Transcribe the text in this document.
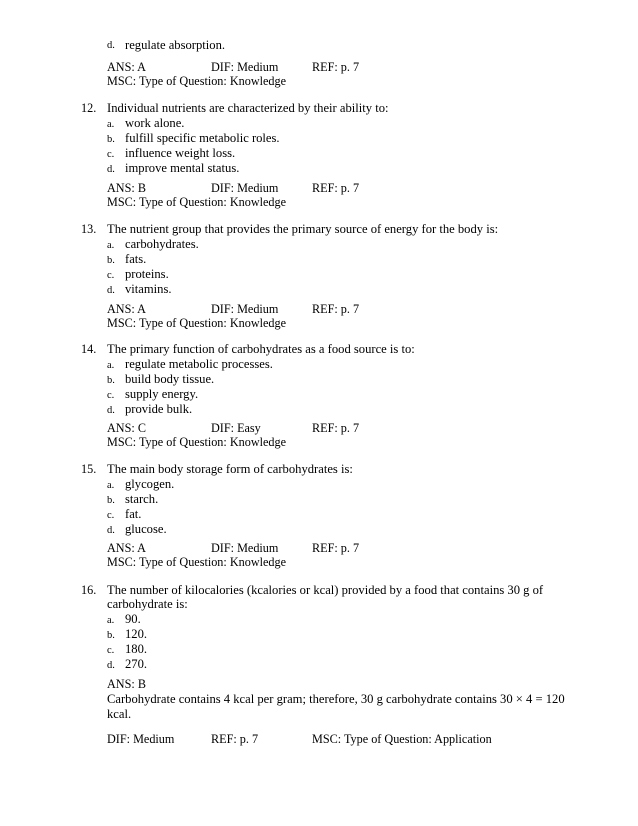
d. regulate absorption.
ANS: A	DIF: Medium	REF: p. 7
MSC: Type of Question: Knowledge
12. Individual nutrients are characterized by their ability to:
a. work alone.
b. fulfill specific metabolic roles.
c. influence weight loss.
d. improve mental status.
ANS: B	DIF: Medium	REF: p. 7
MSC: Type of Question: Knowledge
13. The nutrient group that provides the primary source of energy for the body is:
a. carbohydrates.
b. fats.
c. proteins.
d. vitamins.
ANS: A	DIF: Medium	REF: p. 7
MSC: Type of Question: Knowledge
14. The primary function of carbohydrates as a food source is to:
a. regulate metabolic processes.
b. build body tissue.
c. supply energy.
d. provide bulk.
ANS: C	DIF: Easy	REF: p. 7
MSC: Type of Question: Knowledge
15. The main body storage form of carbohydrates is:
a. glycogen.
b. starch.
c. fat.
d. glucose.
ANS: A	DIF: Medium	REF: p. 7
MSC: Type of Question: Knowledge
16. The number of kilocalories (kcalories or kcal) provided by a food that contains 30 g of
carbohydrate is:
a. 90.
b. 120.
c. 180.
d. 270.
ANS: B
Carbohydrate contains 4 kcal per gram; therefore, 30 g carbohydrate contains 30 × 4 = 120
kcal.
DIF: Medium	REF: p. 7	MSC: Type of Question: Application
